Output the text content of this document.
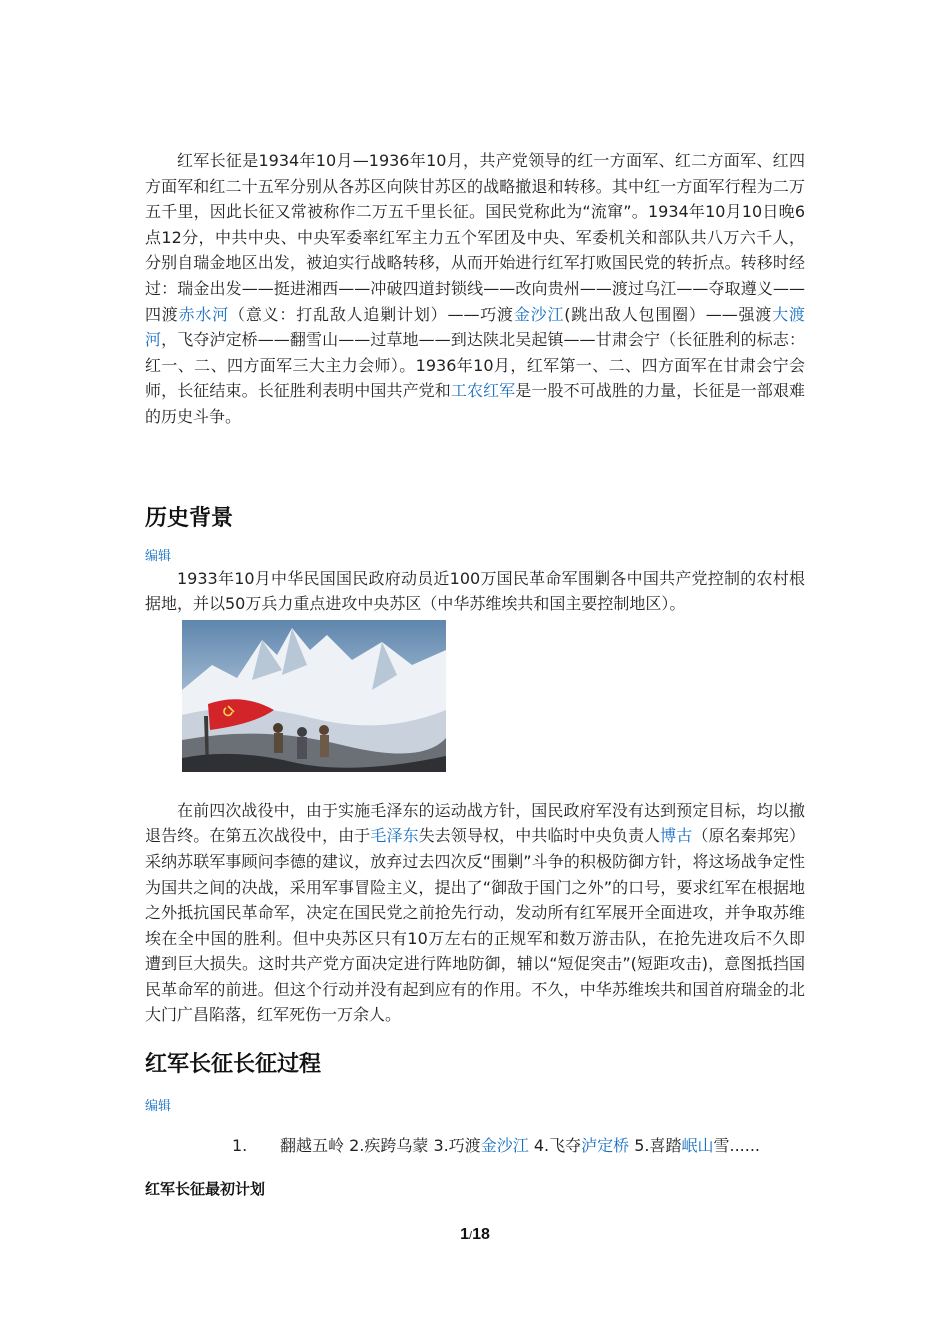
红军长征是1934年10月—1936年10月，共产党领导的红一方面军、红二方面军、红四方面军和红二十五军分别从各苏区向陕甘苏区的战略撤退和转移。其中红一方面军行程为二万五千里，因此长征又常被称作二万五千里长征。国民党称此为“流窜”。1934年10月10日晚6点12分，中共中央、中央军委率红军主力五个军团及中央、军委机关和部队共八万六千人，分别自瑞金地区出发，被迫实行战略转移，从而开始进行红军打败国民党的转折点。转移时经过：瑞金出发——挺进湘西——冲破四道封锁线——改向贵州——渡过乌江——夺取遵义——四渡赤水河（意义：打乱敌人追剿计划）——巧渡金沙江(跳出敌人包围圈）——强渡大渡河，飞夺泸定桥——翻雪山——过草地——到达陕北吴起镇——甘肃会宁（长征胜利的标志：红一、二、四方面军三大主力会师）。1936年10月，红军第一、二、四方面军在甘肃会宁会师，长征结束。长征胜利表明中国共产党和工农红军是一股不可战胜的力量，长征是一部艰难的历史斗争。

历史背景
编辑

1933年10月中华民国国民政府动员近100万国民革命军围剿各中国共产党控制的农村根据地，并以50万兵力重点进攻中央苏区（中华苏维埃共和国主要控制地区）。

在前四次战役中，由于实施毛泽东的运动战方针，国民政府军没有达到预定目标，均以撤退告终。在第五次战役中，由于毛泽东失去领导权，中共临时中央负责人博古（原名秦邦宪）采纳苏联军事顾问李德的建议，放弃过去四次反“围剿”斗争的积极防御方针，将这场战争定性为国共之间的决战，采用军事冒险主义，提出了“御敌于国门之外”的口号，要求红军在根据地之外抵抗国民革命军，决定在国民党之前抢先行动，发动所有红军展开全面进攻，并争取苏维埃在全中国的胜利。但中央苏区只有10万左右的正规军和数万游击队，在抢先进攻后不久即遭到巨大损失。这时共产党方面决定进行阵地防御，辅以“短促突击”(短距攻击)，意图抵挡国民革命军的前进。但这个行动并没有起到应有的作用。不久，中华苏维埃共和国首府瑞金的北大门广昌陷落，红军死伤一万余人。

红军长征长征过程
编辑
1. 翻越五岭 2.疾跨乌蒙 3.巧渡金沙江 4.飞夺泸定桥 5.喜踏岷山雪......
红军长征最初计划
1/18
